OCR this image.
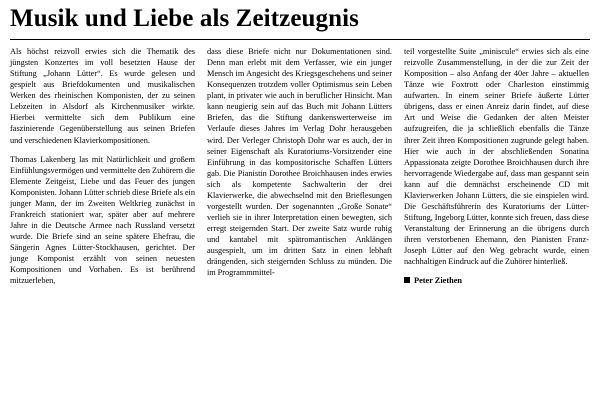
Musik und Liebe als Zeitzeugnis

Als höchst reizvoll erwies sich die Thematik des jüngsten Konzertes im voll besetzten Hause der Stiftung „Johann Lütter“. Es wurde gelesen und gespielt aus Briefdokumenten und musikalischen Werken des rheinischen Komponisten, der zu seinen Lebzeiten in Alsdorf als Kirchenmusiker wirkte. Hierbei vermittelte sich dem Publikum eine faszinierende Gegenüberstellung aus seinen Briefen und verschiedenen Klavierkompositionen.

Thomas Lakenberg las mit Natürlichkeit und großem Einfühlungsvermögen und vermittelte den Zuhörern die Elemente Zeitgeist, Liebe und das Feuer des jungen Komponisten. Johann Lütter schrieb diese Briefe als ein junger Mann, der im Zweiten Weltkrieg zunächst in Frankreich stationiert war, später aber auf mehrere Jahre in die Deutsche Armee nach Russland versetzt wurde. Die Briefe sind an seine spätere Ehefrau, die Sängerin Agnes Lütter-Stockhausen, gerichtet. Der junge Komponist erzählt von seinen neuesten Kompositionen und Vorhaben. Es ist berührend mitzuerleben,

dass diese Briefe nicht nur Dokumentationen sind. Denn man erlebt mit dem Verfasser, wie ein junger Mensch im Angesicht des Kriegsgeschehens und seiner Konsequenzen trotzdem voller Optimismus sein Leben plant, in privater wie auch in beruflicher Hinsicht. Man kann neugierig sein auf das Buch mit Johann Lütters Briefen, das die Stiftung dankenswerterweise im Verlaufe dieses Jahres im Verlag Dohr herausgeben wird. Der Verleger Christoph Dohr war es auch, der in seiner Eigenschaft als Kuratoriums-Vorsitzender eine Einführung in das kompositorische Schaffen Lütters gab. Die Pianistin Dorothee Broichhausen indes erwies sich als kompetente Sachwalterin der drei Klavierwerke, die abwechselnd mit den Brieflesungen vorgestellt wurden. Der sogenannten „Große Sonate“ verlieh sie in ihrer Interpretation einen bewegten, sich erregt steigernden Start. Der zweite Satz wurde ruhig und kantabel mit spätromantischen Anklängen ausgespielt, um im dritten Satz in einen lebhaft drängenden, sich steigernden Schluss zu münden. Die im Programmmittel-

teil vorgestellte Suite „miniscule“ erwies sich als eine reizvolle Zusammenstellung, in der die zur Zeit der Komposition – also Anfang der 40er Jahre – aktuellen Tänze wie Foxtrott oder Charleston einstimmig aufwarten. In einem seiner Briefe äußerte Lütter übrigens, dass er einen Anreiz darin findet, auf diese Art und Weise die Gedanken der alten Meister aufzugreifen, die ja schließlich ebenfalls die Tänze ihrer Zeit ihren Kompositionen zugrunde gelegt haben. Hier wie auch in der abschließenden Sonatina Appassionata zeigte Dorothee Broichhausen durch ihre hervorragende Wiedergabe auf, dass man gespannt sein kann auf die demnächst erscheinende CD mit Klavierwerken Johann Lütters, die sie einspielen wird. Die Geschäftsführerin des Kuratoriums der Lütter-Stiftung, Ingeborg Lütter, konnte sich freuen, dass diese Veranstaltung der Erinnerung an die übrigens durch ihren verstorbenen Ehemann, den Pianisten Franz-Joseph Lütter auf den Weg gebracht wurde, einen nachhaltigen Eindruck auf die Zuhörer hinterließ.

Peter Ziethen
